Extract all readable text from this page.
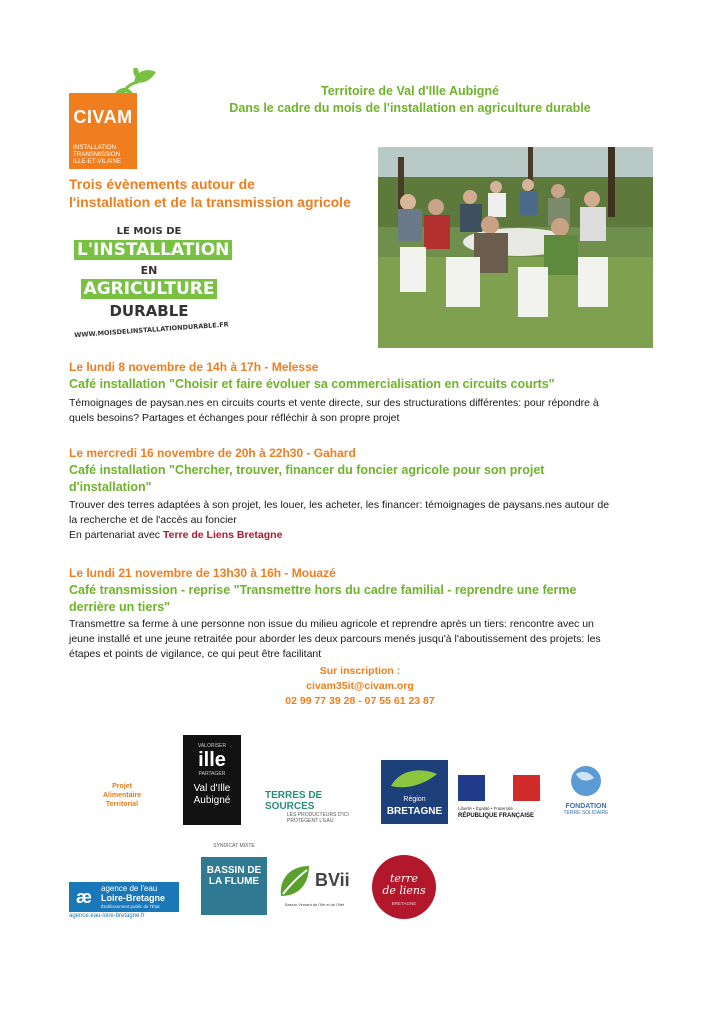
CIVAM
INSTALLATION
TRANSMISSION
ILLE-ET-VILAINE
Territoire de Val d'Ille Aubigné
Dans le cadre du mois de l'installation en agriculture durable
Trois évènements autour de
l'installation et de la transmission agricole
LE MOIS DE
L'INSTALLATION
EN
AGRICULTURE
DURABLE
WWW.MOISDELINSTALLATIONDURABLE.FR
Le lundi 8 novembre de 14h à 17h - Melesse
Café installation "Choisir et faire évoluer sa commercialisation en circuits courts"
Témoignages de paysan.nes en circuits courts et vente directe, sur des structurations différentes: pour répondre à
quels besoins? Partages et échanges pour réfléchir à son propre projet
Le mercredi 16 novembre de 20h à 22h30 - Gahard
Café installation "Chercher, trouver, financer du foncier agricole pour son projet
d'installation"
Trouver des terres adaptées à son projet, les louer, les acheter, les financer: témoignages de paysans.nes autour de
la recherche et de l'accès au foncier
En partenariat avec Terre de Liens Bretagne
Le lundi 21 novembre de 13h30 à 16h - Mouazé
Café transmission - reprise "Transmettre hors du cadre familial - reprendre une ferme
derrière un tiers"
Transmettre sa ferme à une personne non issue du milieu agricole et reprendre après un tiers: rencontre avec un
jeune installé et une jeune retraitée pour aborder les deux parcours menés jusqu'à l'aboutissement des projets: les
étapes et points de vigilance, ce qui peut être facilitant
Sur inscription :
civam35it@civam.org
02 99 77 39 28 - 07 55 61 23 87
Projet
Alimentaire
Territorial
VALORISER
ille
PARTAGER
Val d'Ille
Aubigné	TERRES DE SOURCES
LES PRODUCTEURS D'ICI
PROTÈGENT L'EAU
Région
BRETAGNE	Liberté • Égalité • Fraternité
RÉPUBLIQUE FRANÇAISE
FONDATION
TERRE SOLIDAIRE
æ	agence de l'eau
Loire-Bretagne
Établissement public de l'État
agence.eau-loire-bretagne.fr
SYNDICAT MIXTE
BASSIN DE
LA FLUME	BVii
Bassin Versant de l'Ille et de l'Illet
terre
de liens
BRETAGNE
